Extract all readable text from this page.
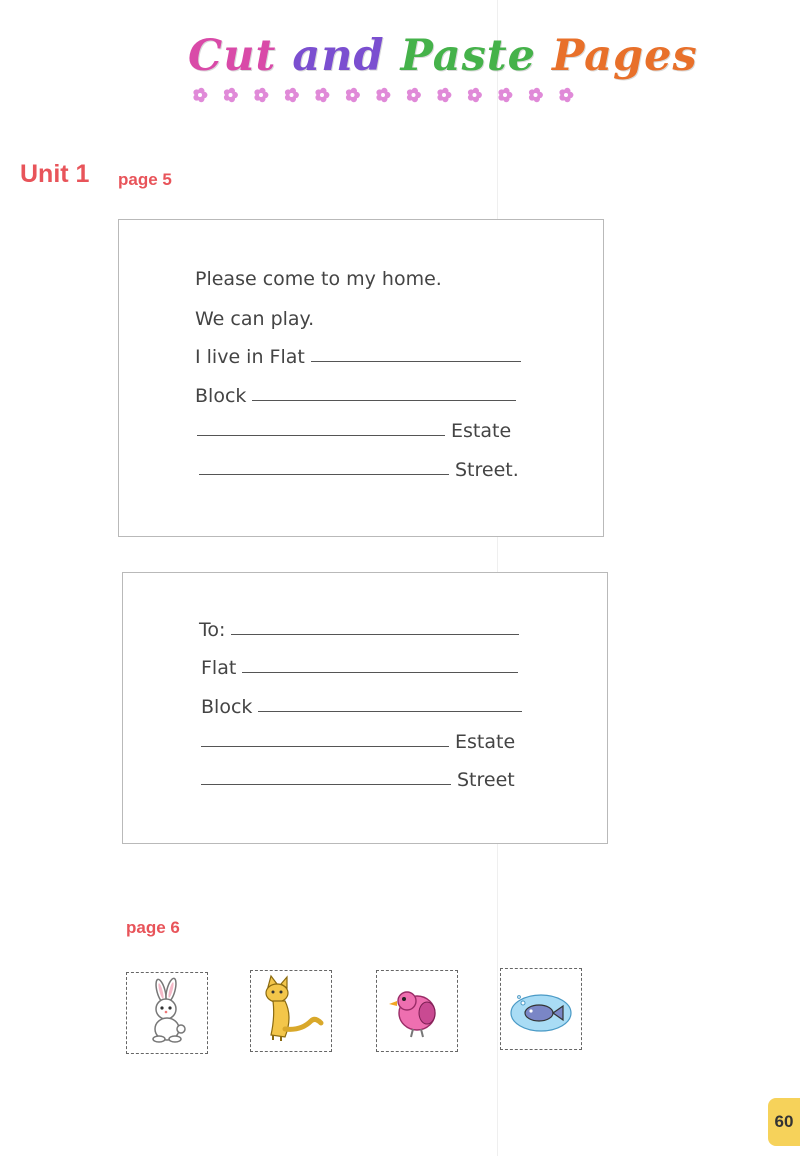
Cut and Paste Pages
Unit 1 page 5
Please come to my home.
We can play.
I live in Flat
Block
Estate
Street.
To:
Flat
Block
Estate
Street
page 6
60
